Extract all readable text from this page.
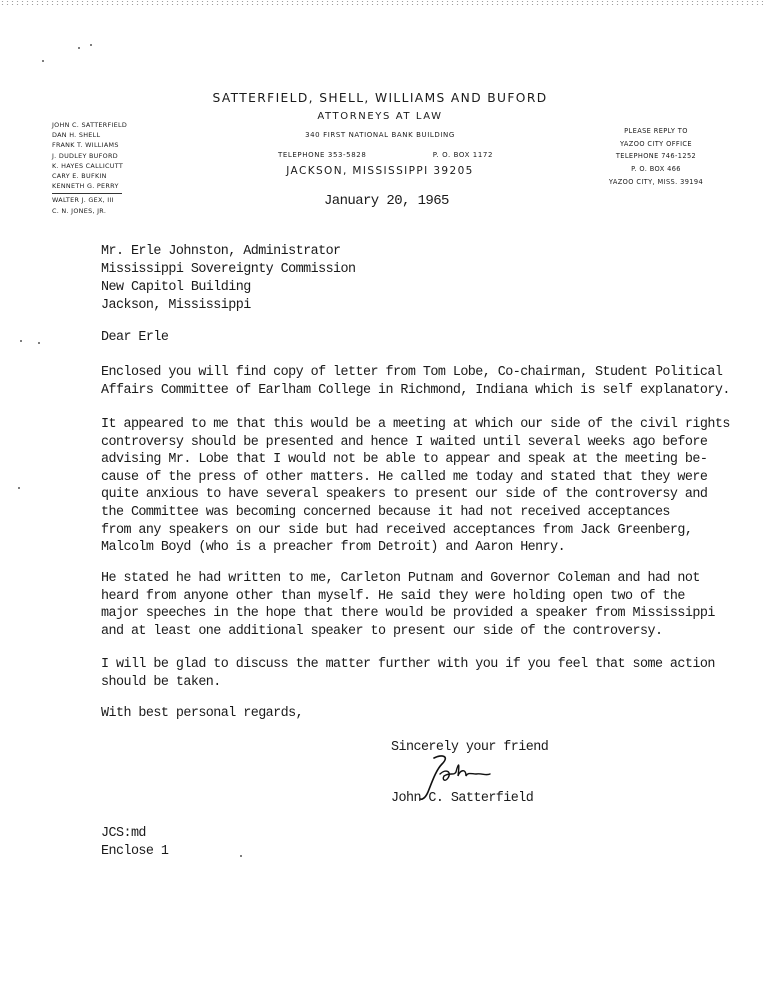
SATTERFIELD, SHELL, WILLIAMS AND BUFORD
ATTORNEYS AT LAW
340 FIRST NATIONAL BANK BUILDING
TELEPHONE 353-5828	P. O. BOX 1172
JACKSON, MISSISSIPPI 39205
JOHN C. SATTERFIELD
DAN H. SHELL
FRANK T. WILLIAMS
J. DUDLEY BUFORD
K. HAYES CALLICUTT
CARY E. BUFKIN
KENNETH G. PERRY
WALTER J. GEX, III
C. N. JONES, JR.
PLEASE REPLY TO
YAZOO CITY OFFICE
TELEPHONE 746-1252
P. O. BOX 466
YAZOO CITY, MISS. 39194
January 20, 1965
Mr. Erle Johnston, Administrator
Mississippi Sovereignty Commission
New Capitol Building
Jackson, Mississippi
Dear Erle

Enclosed you will find copy of letter from Tom Lobe, Co-chairman, Student Political
Affairs Committee of Earlham College in Richmond, Indiana which is self explanatory.

It appeared to me that this would be a meeting at which our side of the civil rights
controversy should be presented and hence I waited until several weeks ago before
advising Mr. Lobe that I would not be able to appear and speak at the meeting be-
cause of the press of other matters. He called me today and stated that they were
quite anxious to have several speakers to present our side of the controversy and
the Committee was becoming concerned because it had not received acceptances
from any speakers on our side but had received acceptances from Jack Greenberg,
Malcolm Boyd (who is a preacher from Detroit) and Aaron Henry.

He stated he had written to me, Carleton Putnam and Governor Coleman and had not
heard from anyone other than myself. He said they were holding open two of the
major speeches in the hope that there would be provided a speaker from Mississippi
and at least one additional speaker to present our side of the controversy.

I will be glad to discuss the matter further with you if you feel that some action
should be taken.

With best personal regards,
Sincerely your friend
John C. Satterfield
JCS:md
Enclose 1
